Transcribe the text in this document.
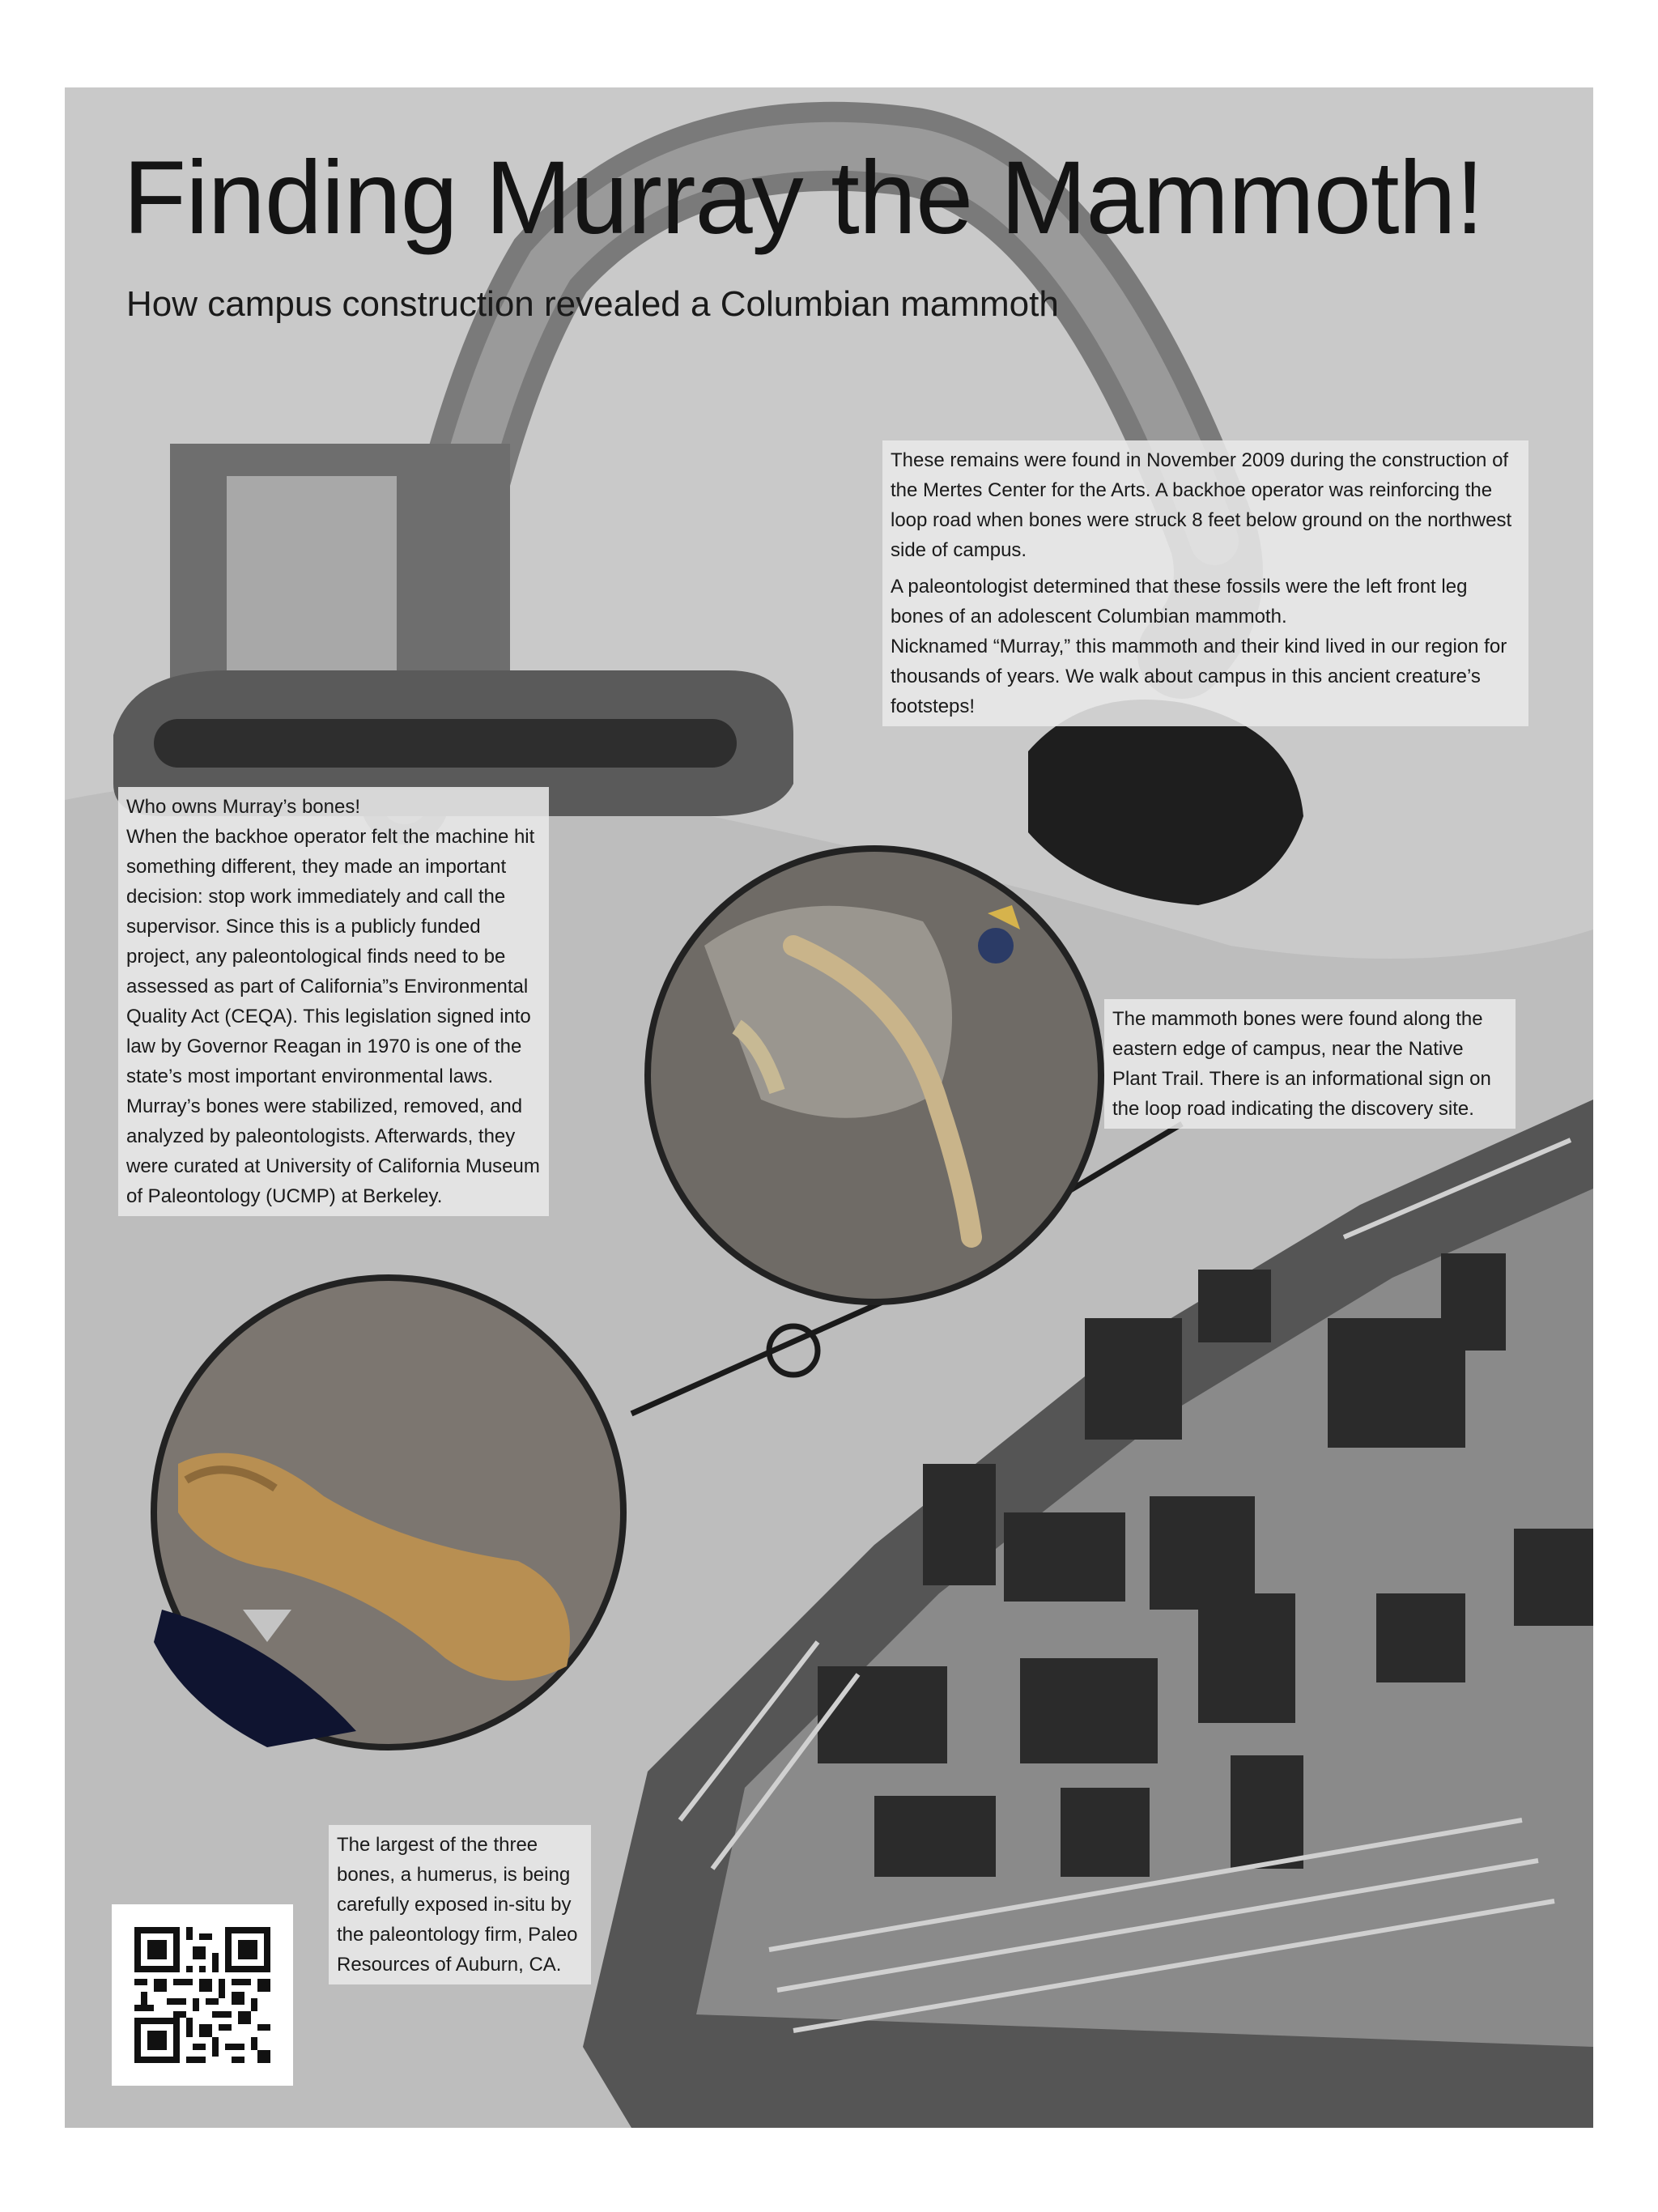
Finding Murray the Mammoth!
How campus construction revealed a Columbian mammoth

These remains were found in November 2009 during the construction of the Mertes Center for the Arts. A backhoe operator was reinforcing the loop road when bones were struck 8 feet below ground on the northwest side of campus.

A paleontologist determined that these fossils were the left front leg bones of an adolescent Columbian mammoth.

Nicknamed “Murray,” this mammoth and their kind lived in our region for thousands of years. We walk about campus in this ancient creature’s footsteps!

Who owns Murray’s bones!

When the backhoe operator felt the machine hit something different, they made an important decision: stop work immediately and call the supervisor. Since this is a publicly funded project, any paleontological finds need to be assessed as part of California”s Environmental Quality Act (CEQA). This legislation signed into law by Governor Reagan in 1970 is one of the state’s most important environmental laws.

Murray’s bones were stabilized, removed, and analyzed by paleontologists. Afterwards, they were curated at University of California Museum of Paleontology (UCMP) at Berkeley.

The mammoth bones were found along the eastern edge of campus, near the Native Plant Trail. There is an informational sign on the loop road indicating the discovery site.

The largest of the three bones, a humerus, is being carefully exposed in-situ by the paleontology firm, Paleo Resources of Auburn, CA.
